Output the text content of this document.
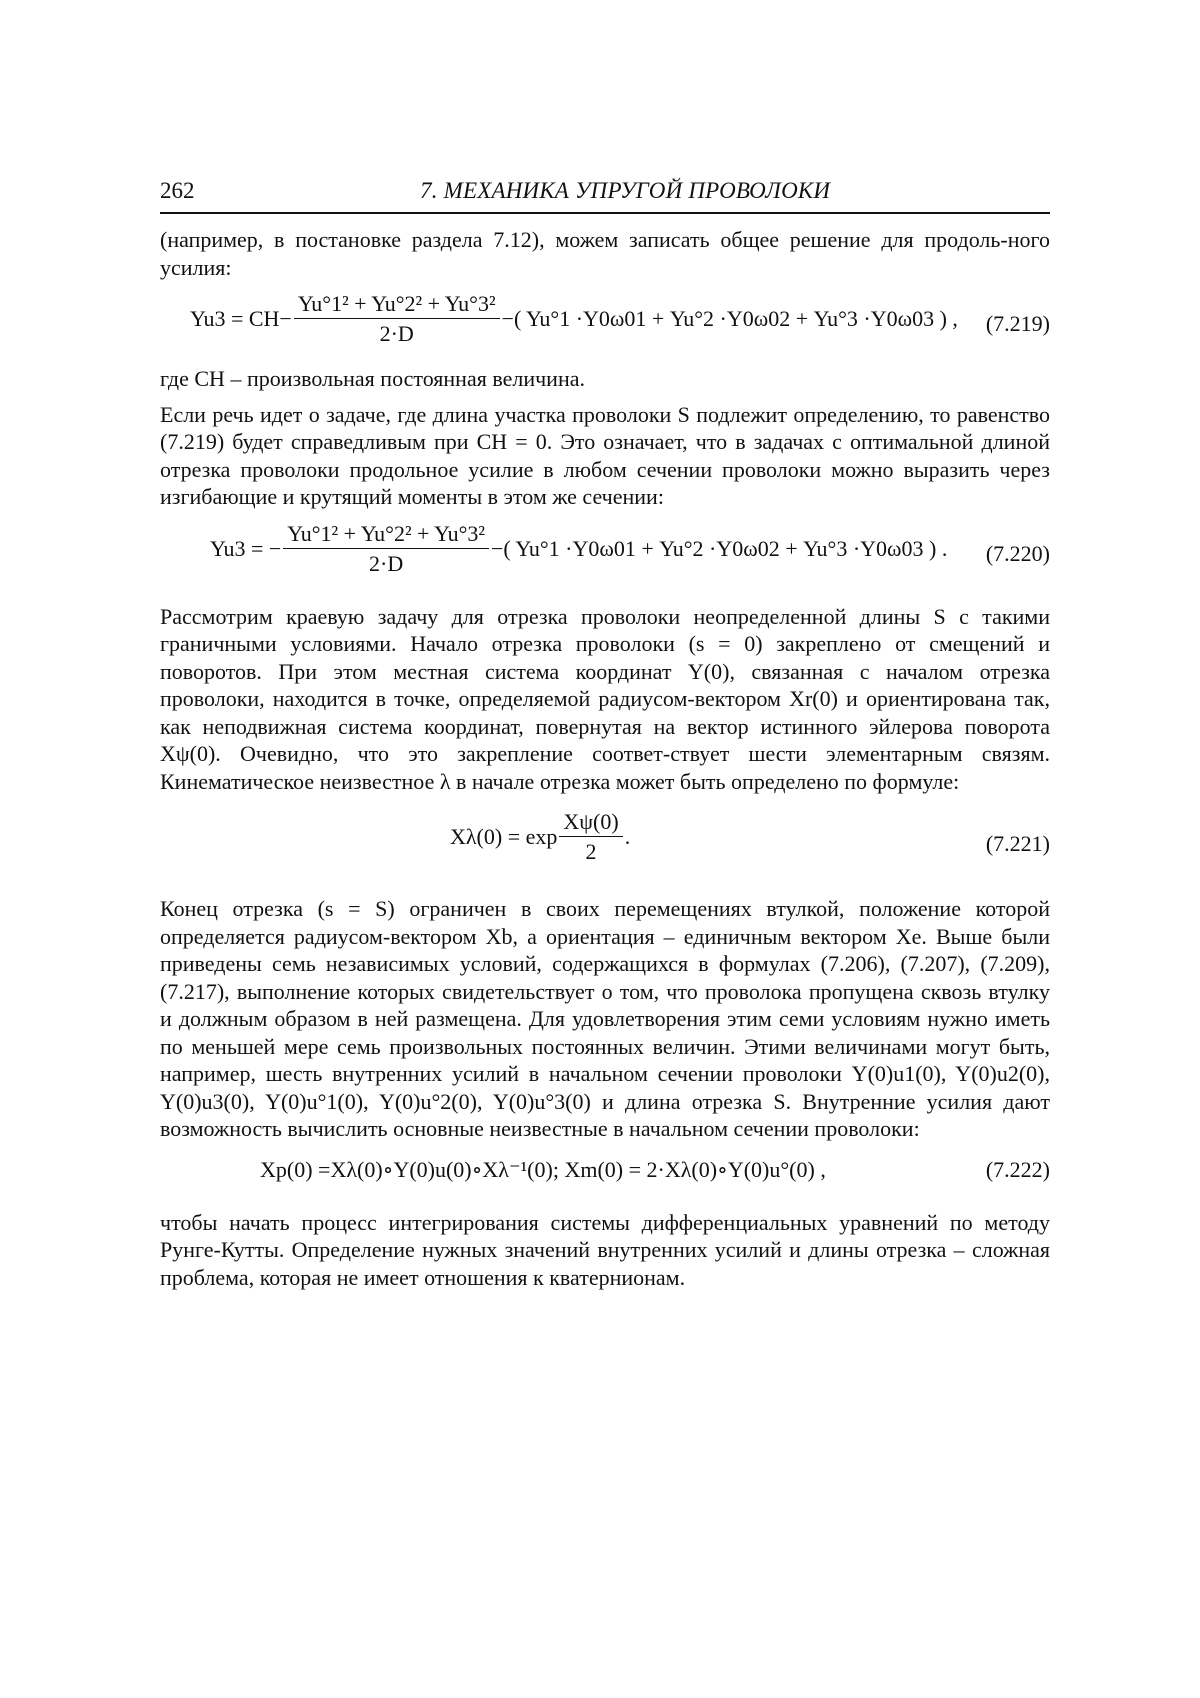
262	7. МЕХАНИКА УПРУГОЙ ПРОВОЛОКИ

(например, в постановке раздела 7.12), можем записать общее решение для продоль-ного усилия:

$Yu3 = CH- \frac{\text{Yu°1² + Yu°2² + Yu°3²}}{2\cdot D}$ −( Yu°1 ·Y0ω01 + Yu°2 ·Y0ω02 + Yu°3 ·Y0ω03 ) , (7.219)

где CH – произвольная постоянная величина.

Если речь идет о задаче, где длина участка проволоки S подлежит определению, то равенство (7.219) будет справедливым при CH = 0. Это означает, что в задачах с оптимальной длиной отрезка проволоки продольное усилие в любом сечении проволоки можно выразить через изгибающие и крутящий моменты в этом же сечении:

Yu3 = − $\frac{\text{Yu°1² + Yu°2² + Yu°3²}}{2\cdot D}$ −( Yu°1 ·Y0ω01 + Yu°2 ·Y0ω02 + Yu°3 ·Y0ω03 ) . (7.220)

Рассмотрим краевую задачу для отрезка проволоки неопределенной длины S с такими граничными условиями. Начало отрезка проволоки (s = 0) закреплено от смещений и поворотов. При этом местная система координат Y(0), связанная с началом отрезка проволоки, находится в точке, определяемой радиусом-вектором Xr(0) и ориентирована так, как неподвижная система координат, повернутая на вектор истинного эйлерова поворота Xψ(0). Очевидно, что это закрепление соответ-ствует шести элементарным связям. Кинематическое неизвестное λ в начале отрезка может быть определено по формуле:

$X\lambda(0) = \exp \frac{X\psi(0)}{2}$ .	(7.221)

Конец отрезка (s = S) ограничен в своих перемещениях втулкой, положение которой определяется радиусом-вектором Xb, а ориентация – единичным вектором Xe. Выше были приведены семь независимых условий, содержащихся в формулах (7.206), (7.207), (7.209), (7.217), выполнение которых свидетельствует о том, что проволока пропущена сквозь втулку и должным образом в ней размещена. Для удовлетворения этим семи условиям нужно иметь по меньшей мере семь произвольных постоянных величин. Этими величинами могут быть, например, шесть внутренних усилий в начальном сечении проволоки Y(0)u1(0), Y(0)u2(0), Y(0)u3(0), Y(0)u°1(0), Y(0)u°2(0), Y(0)u°3(0) и длина отрезка S. Внутренние усилия дают возможность вычислить основные неизвестные в начальном сечении проволоки:

Xp(0) =Xλ(0)∘Y(0)u(0)∘Xλ⁻¹(0); Xm(0) = 2·Xλ(0)∘Y(0)u°(0) ,	(7.222)

чтобы начать процесс интегрирования системы дифференциальных уравнений по методу Рунге-Кутты. Определение нужных значений внутренних усилий и длины отрезка – сложная проблема, которая не имеет отношения к кватернионам.
